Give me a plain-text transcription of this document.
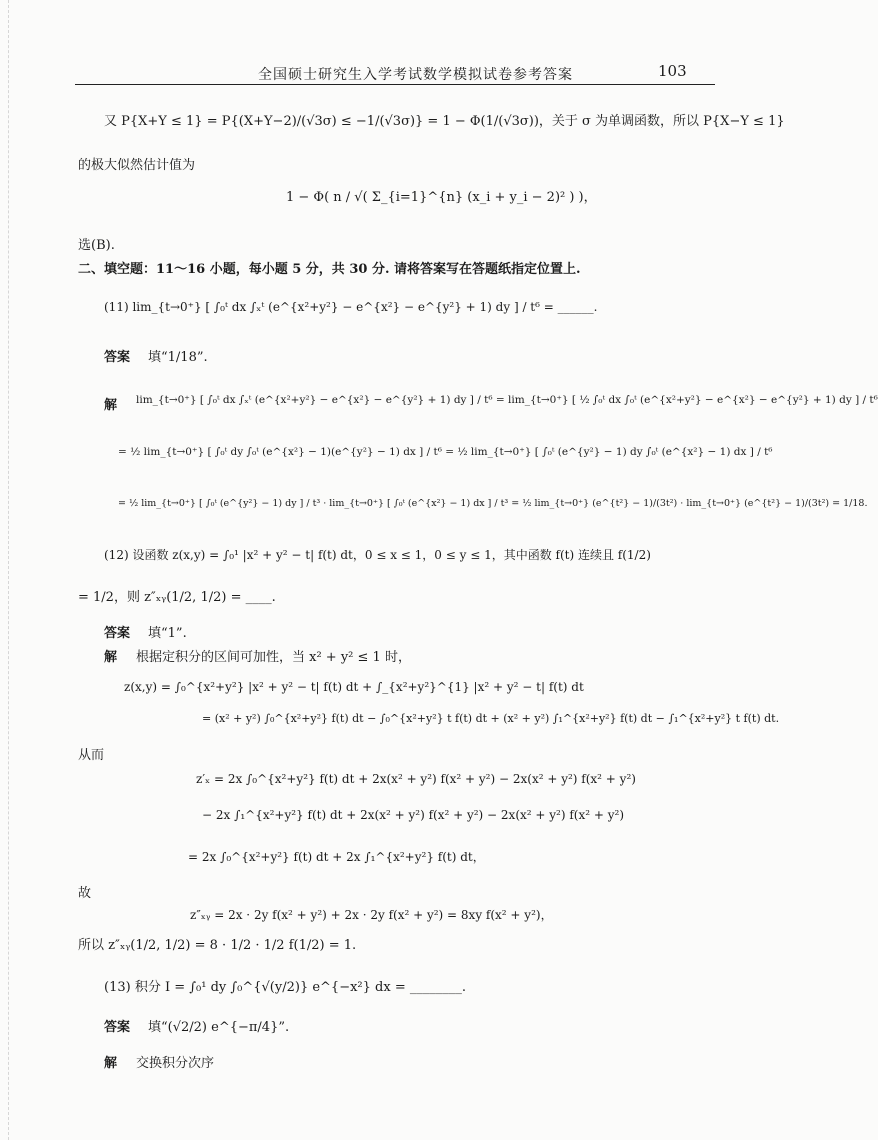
全国硕士研究生入学考试数学模拟试卷参考答案	103
又 P{X+Y ≤ 1} = P{(X+Y−2)/(√3σ) ≤ −1/(√3σ)} = 1 − Φ(1/(√3σ))，关于 σ 为单调函数，所以 P{X−Y ≤ 1}
的极大似然估计值为
1 − Φ( n / √( Σ_{i=1}^{n} (x_i + y_i − 2)² ) )，
选(B).
二、填空题：11～16 小题，每小题 5 分，共 30 分. 请将答案写在答题纸指定位置上.
(11) lim_{t→0⁺} [ ∫₀ᵗ dx ∫ₓᵗ (e^{x²+y²} − e^{x²} − e^{y²} + 1) dy ] / t⁶ = ______.
答案 填“1/18”.
解 lim_{t→0⁺} [ ∫₀ᵗ dx ∫ₓᵗ (e^{x²+y²} − e^{x²} − e^{y²} + 1) dy ] / t⁶ = lim_{t→0⁺} [ ½ ∫₀ᵗ dx ∫₀ᵗ (e^{x²+y²} − e^{x²} − e^{y²} + 1) dy ] / t⁶
= ½ lim_{t→0⁺} [ ∫₀ᵗ dy ∫₀ᵗ (e^{x²} − 1)(e^{y²} − 1) dx ] / t⁶ = ½ lim_{t→0⁺} [ ∫₀ᵗ (e^{y²} − 1) dy ∫₀ᵗ (e^{x²} − 1) dx ] / t⁶
= ½ lim_{t→0⁺} [ ∫₀ᵗ (e^{y²} − 1) dy ] / t³ · lim_{t→0⁺} [ ∫₀ᵗ (e^{x²} − 1) dx ] / t³ = ½ lim_{t→0⁺} (e^{t²} − 1)/(3t²) · lim_{t→0⁺} (e^{t²} − 1)/(3t²) = 1/18.
(12) 设函数 z(x,y) = ∫₀¹ |x² + y² − t| f(t) dt，0 ≤ x ≤ 1，0 ≤ y ≤ 1，其中函数 f(t) 连续且 f(1/2)
= 1/2，则 z″ₓᵧ(1/2, 1/2) = ____.
答案 填“1”.
解 根据定积分的区间可加性，当 x² + y² ≤ 1 时，
z(x,y) = ∫₀^{x²+y²} |x² + y² − t| f(t) dt + ∫_{x²+y²}^{1} |x² + y² − t| f(t) dt
= (x² + y²) ∫₀^{x²+y²} f(t) dt − ∫₀^{x²+y²} t f(t) dt + (x² + y²) ∫₁^{x²+y²} f(t) dt − ∫₁^{x²+y²} t f(t) dt.
从而
z′ₓ = 2x ∫₀^{x²+y²} f(t) dt + 2x(x² + y²) f(x² + y²) − 2x(x² + y²) f(x² + y²)
− 2x ∫₁^{x²+y²} f(t) dt + 2x(x² + y²) f(x² + y²) − 2x(x² + y²) f(x² + y²)
= 2x ∫₀^{x²+y²} f(t) dt + 2x ∫₁^{x²+y²} f(t) dt，
故
z″ₓᵧ = 2x · 2y f(x² + y²) + 2x · 2y f(x² + y²) = 8xy f(x² + y²)，
所以 z″ₓᵧ(1/2, 1/2) = 8 · 1/2 · 1/2 f(1/2) = 1.
(13) 积分 I = ∫₀¹ dy ∫₀^{√(y/2)} e^{−x²} dx = ________.
答案 填“(√2/2) e^{−π/4}”.
解 交换积分次序
